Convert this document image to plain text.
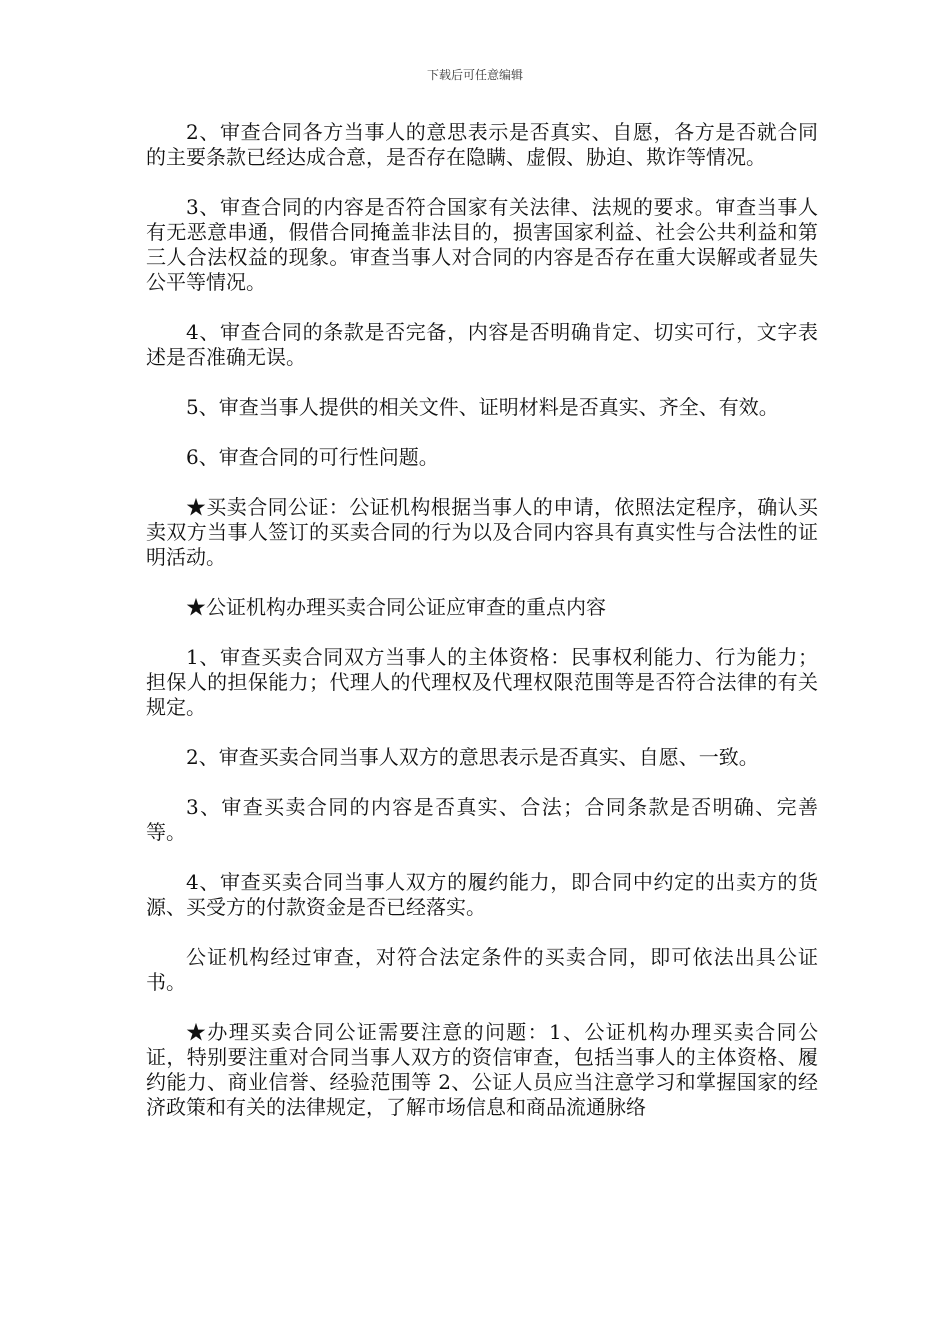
下载后可任意编辑

2、审查合同各方当事人的意思表示是否真实、自愿，各方是否就合同的主要条款已经达成合意，是否存在隐瞒、虚假、胁迫、欺诈等情况。

3、审查合同的内容是否符合国家有关法律、法规的要求。审查当事人有无恶意串通，假借合同掩盖非法目的，损害国家利益、社会公共利益和第三人合法权益的现象。审查当事人对合同的内容是否存在重大误解或者显失公平等情况。

4、审查合同的条款是否完备，内容是否明确肯定、切实可行，文字表述是否准确无误。

5、审查当事人提供的相关文件、证明材料是否真实、齐全、有效。

6、审查合同的可行性问题。

★买卖合同公证：公证机构根据当事人的申请，依照法定程序，确认买卖双方当事人签订的买卖合同的行为以及合同内容具有真实性与合法性的证明活动。

★公证机构办理买卖合同公证应审查的重点内容

1、审查买卖合同双方当事人的主体资格：民事权利能力、行为能力；担保人的担保能力；代理人的代理权及代理权限范围等是否符合法律的有关规定。

2、审查买卖合同当事人双方的意思表示是否真实、自愿、一致。

3、审查买卖合同的内容是否真实、合法；合同条款是否明确、完善等。

4、审查买卖合同当事人双方的履约能力，即合同中约定的出卖方的货源、买受方的付款资金是否已经落实。

公证机构经过审查，对符合法定条件的买卖合同，即可依法出具公证书。

★办理买卖合同公证需要注意的问题：1、公证机构办理买卖合同公证，特别要注重对合同当事人双方的资信审查，包括当事人的主体资格、履约能力、商业信誉、经验范围等 2、公证人员应当注意学习和掌握国家的经济政策和有关的法律规定，了解市场信息和商品流通脉络
